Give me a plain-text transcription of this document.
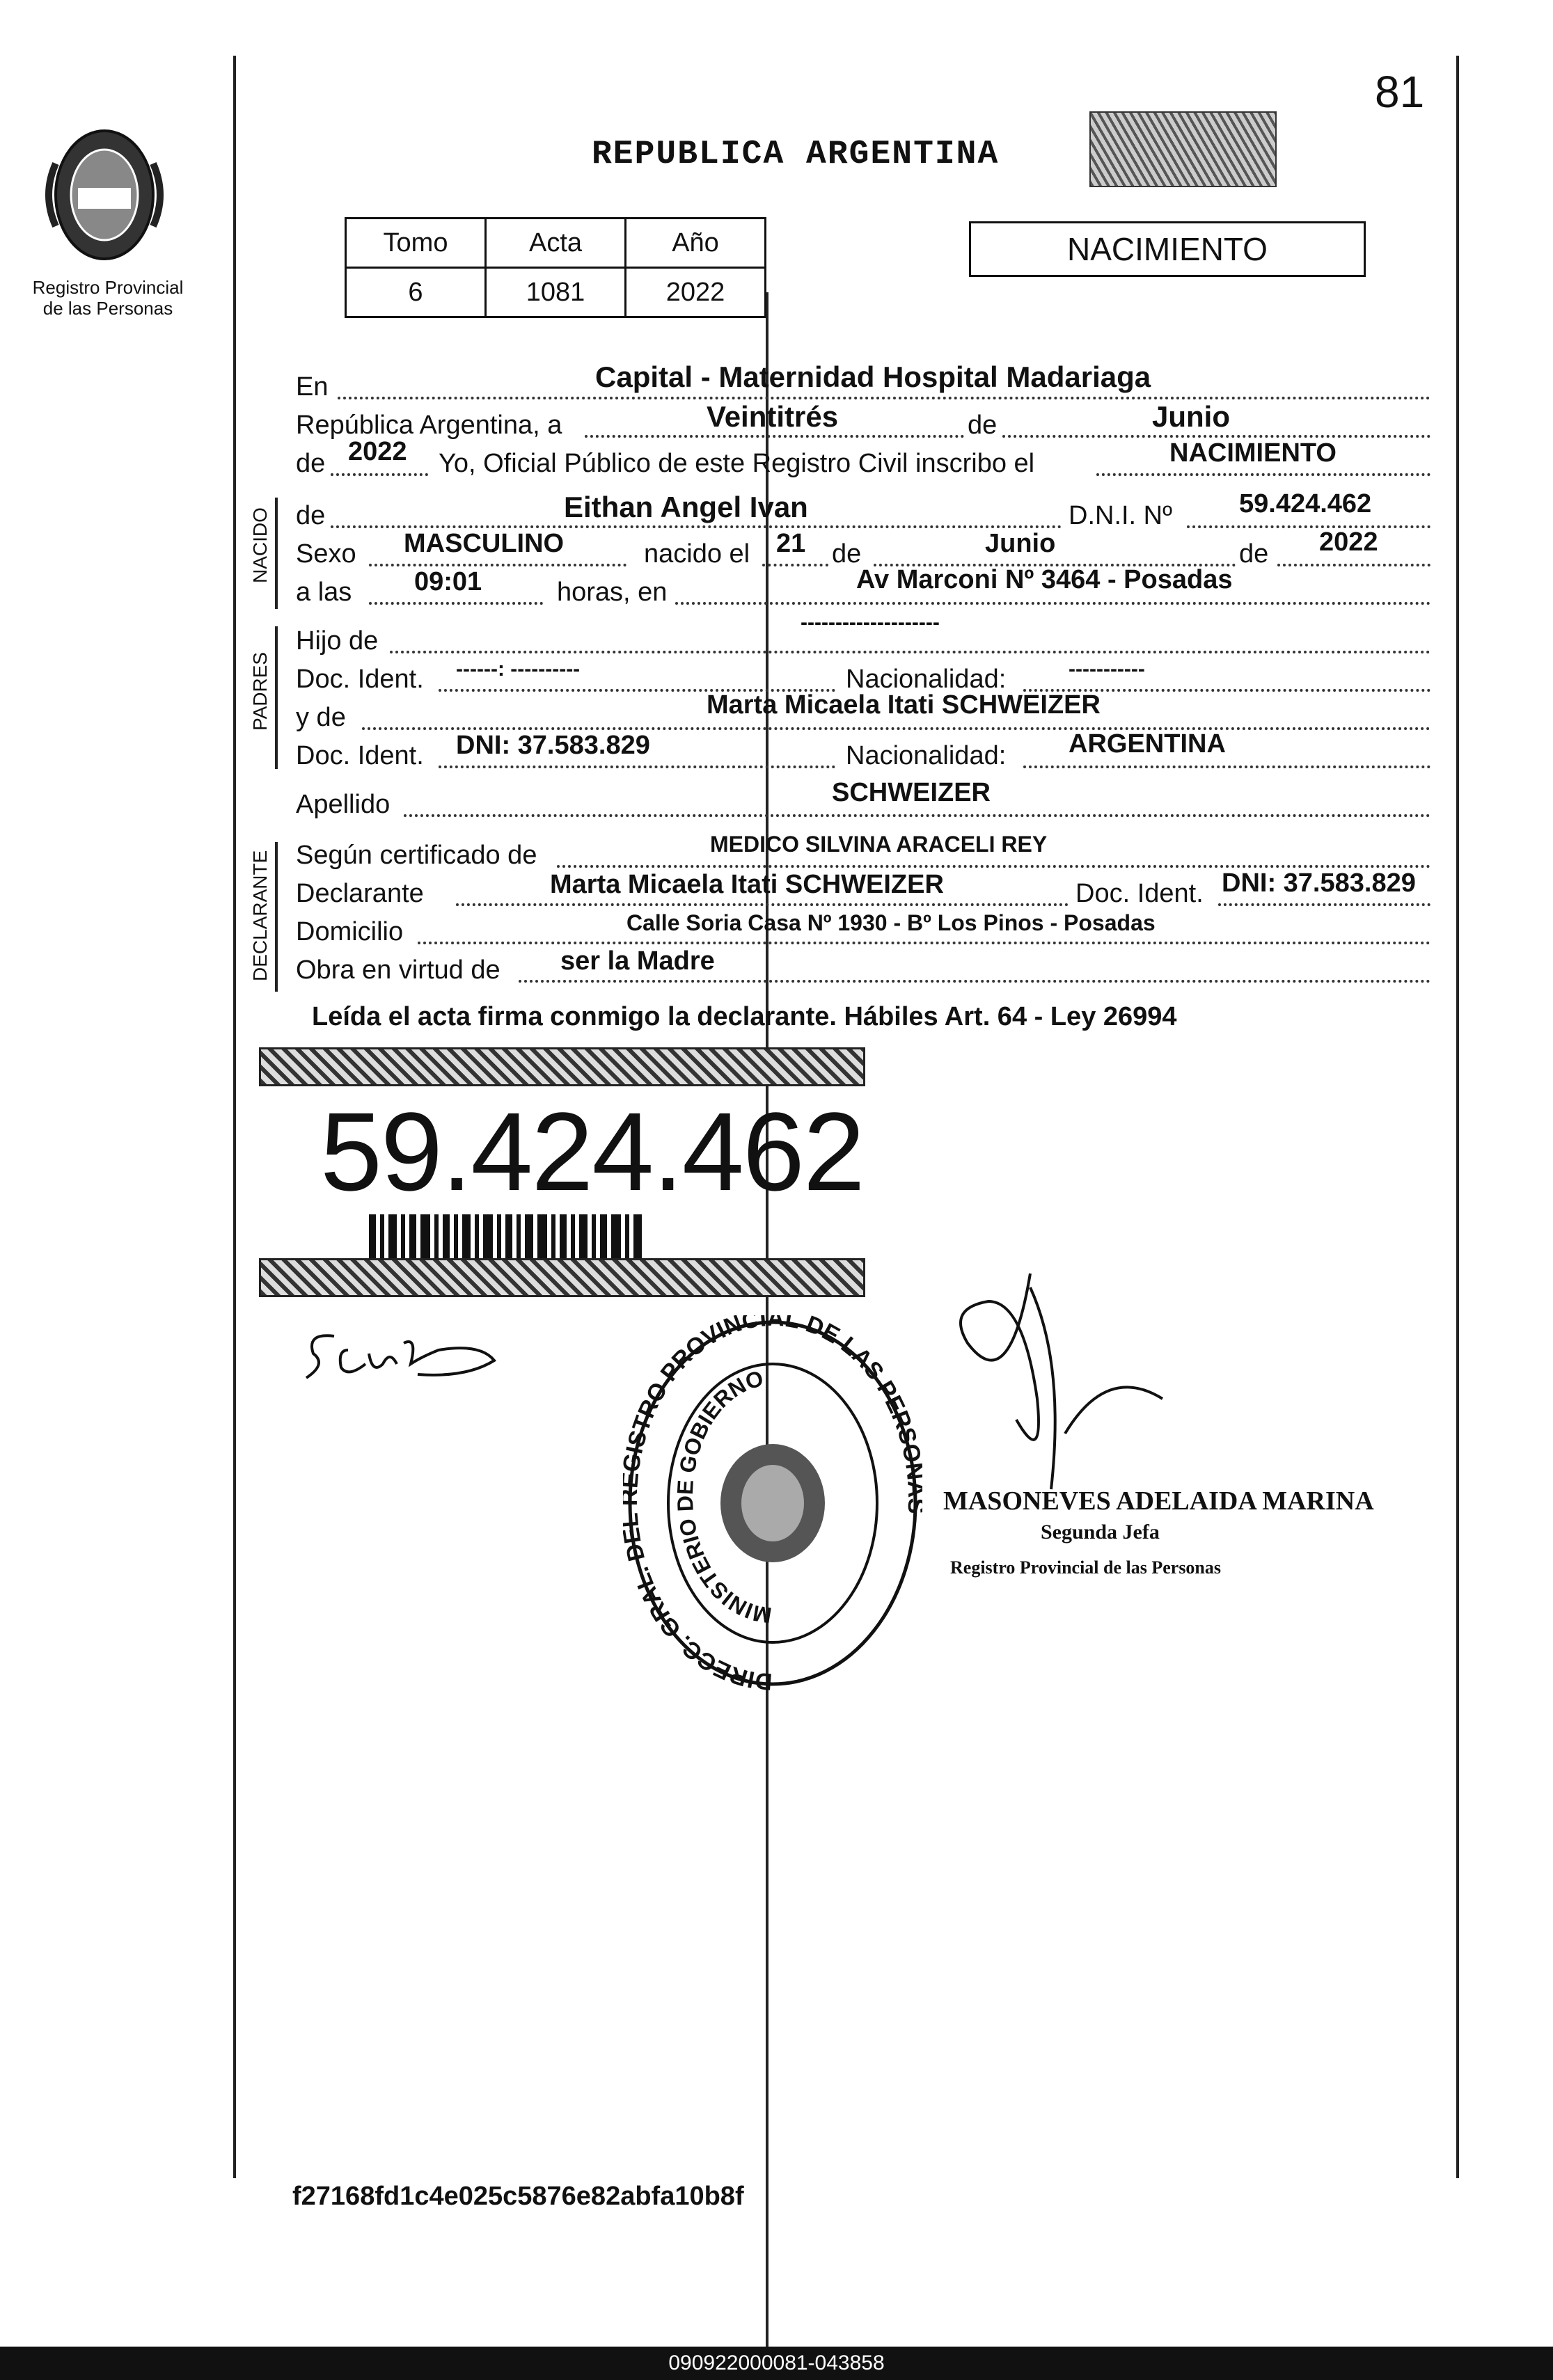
81
Registro Provincial de las Personas
REPUBLICA ARGENTINA
Tomo	Acta	Año
6	1081	2022
NACIMIENTO
En	Capital - Maternidad Hospital Madariaga
República Argentina, a	Veintitrés	de	Junio
de 2022 Yo, Oficial Público de este Registro Civil inscribo el	NACIMIENTO
NACIDO de	Eithan Angel Ivan	D.N.I. Nº	59.424.462
Sexo MASCULINO	nacido el 21 de	Junio	de 2022
a las 09:01	horas, en	Av Marconi Nº 3464 - Posadas
PADRES
Hijo de
--------------------
Doc. Ident. ------: ----------	Nacionalidad:	-----------
y de	Marta Micaela Itati SCHWEIZER
Doc. Ident. DNI: 37.583.829	Nacionalidad: ARGENTINA
Apellido	SCHWEIZER
DECLARANTE Según certificado de	MEDICO SILVINA ARACELI REY
Declarante	Marta Micaela Itati SCHWEIZER	Doc. Ident. DNI: 37.583.829
Domicilio	Calle Soria Casa Nº 1930 - Bº Los Pinos - Posadas
Obra en virtud de ser la Madre
Leída el acta firma conmigo la declarante. Hábiles Art. 64 - Ley 26994
59.424.462
DIRECC. GRAL. D ISTRO PROVINCIAL DE LAS PERS
MINISTERIO DE GOBIERNO
MASONEVES ADELAIDA MARINA
Segunda Jefa
Registro Provincial de las Personas
f27168fd1c4e025c5876e82abfa10b8f
090922000081-043858
